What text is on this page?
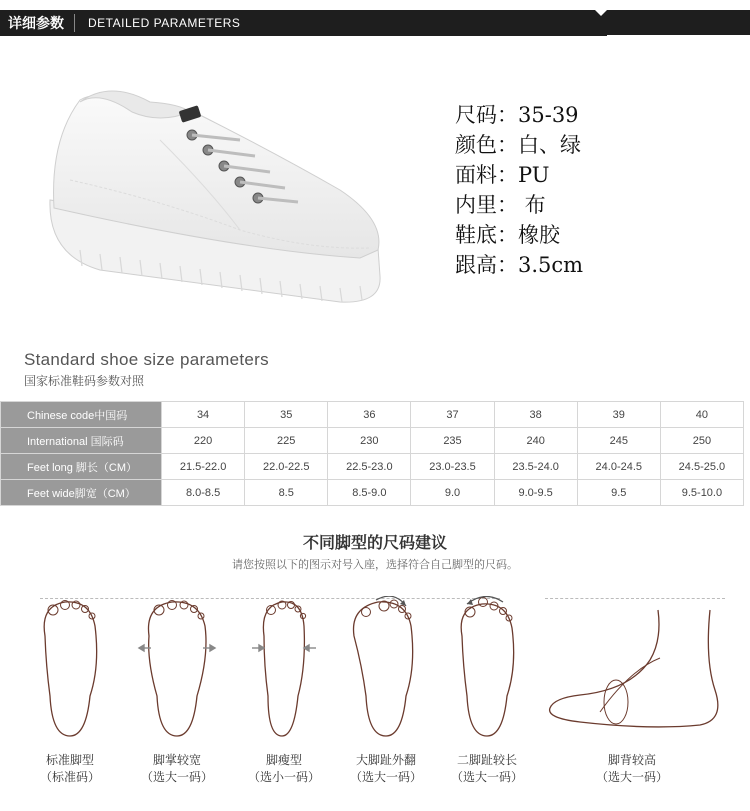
详细参数 DETAILED PARAMETERS
尺码：35-39
颜色：白、绿
面料：PU
内里： 布
鞋底：橡胶
跟高：3.5cm
Standard shoe size parameters
国家标准鞋码参数对照
Chinese code中国码	34	35	36	37	38	39	40
International 国际码	220	225	230	235	240	245	250
Feet long 脚长（CM）	21.5-22.0	22.0-22.5	22.5-23.0	23.0-23.5	23.5-24.0	24.0-24.5	24.5-25.0
Feet wide脚宽（CM）	8.0-8.5	8.5	8.5-9.0	9.0	9.0-9.5	9.5	9.5-10.0
不同脚型的尺码建议
请您按照以下的图示对号入座，选择符合自己脚型的尺码。
标准脚型
（标准码）
脚掌较宽
（选大一码）
脚瘦型
（选小一码）
大脚趾外翻
（选大一码）
二脚趾较长
（选大一码）
脚背较高
（选大一码）
